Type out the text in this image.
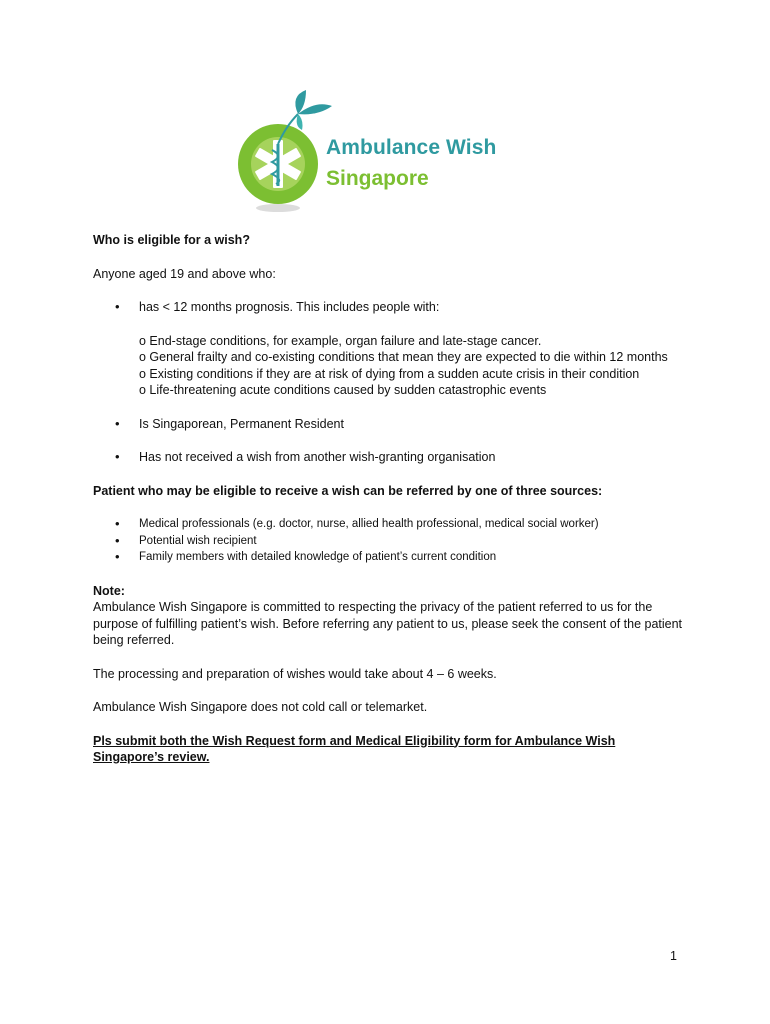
Ambulance Wish
Singapore

Who is eligible for a wish?

Anyone aged 19 and above who:

• has < 12 months prognosis. This includes people with:

o End-stage conditions, for example, organ failure and late-stage cancer.

o General frailty and co-existing conditions that mean they are expected to die within 12 months

o Existing conditions if they are at risk of dying from a sudden acute crisis in their condition

o Life-threatening acute conditions caused by sudden catastrophic events

• Is Singaporean, Permanent Resident
• Has not received a wish from another wish-granting organisation

Patient who may be eligible to receive a wish can be referred by one of three sources:

• Medical professionals (e.g. doctor, nurse, allied health professional, medical social worker)
• Potential wish recipient
• Family members with detailed knowledge of patient’s current condition

Note:

Ambulance Wish Singapore is committed to respecting the privacy of the patient referred to us for the purpose of fulfilling patient’s wish. Before referring any patient to us, please seek the consent of the patient being referred.

The processing and preparation of wishes would take about 4 – 6 weeks.

Ambulance Wish Singapore does not cold call or telemarket.

Pls submit both the Wish Request form and Medical Eligibility form for Ambulance Wish Singapore’s review.

1
